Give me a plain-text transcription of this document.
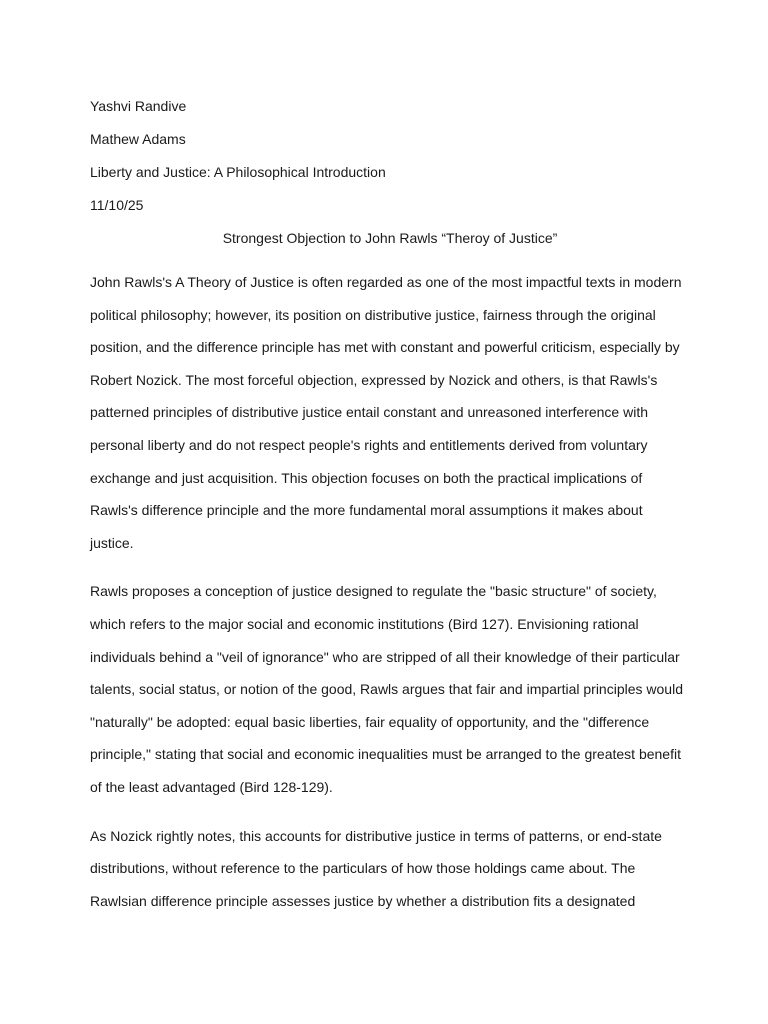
Yashvi Randive
Mathew Adams
Liberty and Justice: A Philosophical Introduction
11/10/25
Strongest Objection to John Rawls “Theroy of Justice”

John Rawls's A Theory of Justice is often regarded as one of the most impactful texts in modern
political philosophy; however, its position on distributive justice, fairness through the original
position, and the difference principle has met with constant and powerful criticism, especially by
Robert Nozick. The most forceful objection, expressed by Nozick and others, is that Rawls's
patterned principles of distributive justice entail constant and unreasoned interference with
personal liberty and do not respect people's rights and entitlements derived from voluntary
exchange and just acquisition. This objection focuses on both the practical implications of
Rawls's difference principle and the more fundamental moral assumptions it makes about
justice.

Rawls proposes a conception of justice designed to regulate the "basic structure" of society,
which refers to the major social and economic institutions (Bird 127). Envisioning rational
individuals behind a "veil of ignorance" who are stripped of all their knowledge of their particular
talents, social status, or notion of the good, Rawls argues that fair and impartial principles would
"naturally" be adopted: equal basic liberties, fair equality of opportunity, and the "difference
principle," stating that social and economic inequalities must be arranged to the greatest benefit
of the least advantaged (Bird 128-129).

As Nozick rightly notes, this accounts for distributive justice in terms of patterns, or end-state
distributions, without reference to the particulars of how those holdings came about. The
Rawlsian difference principle assesses justice by whether a distribution fits a designated
